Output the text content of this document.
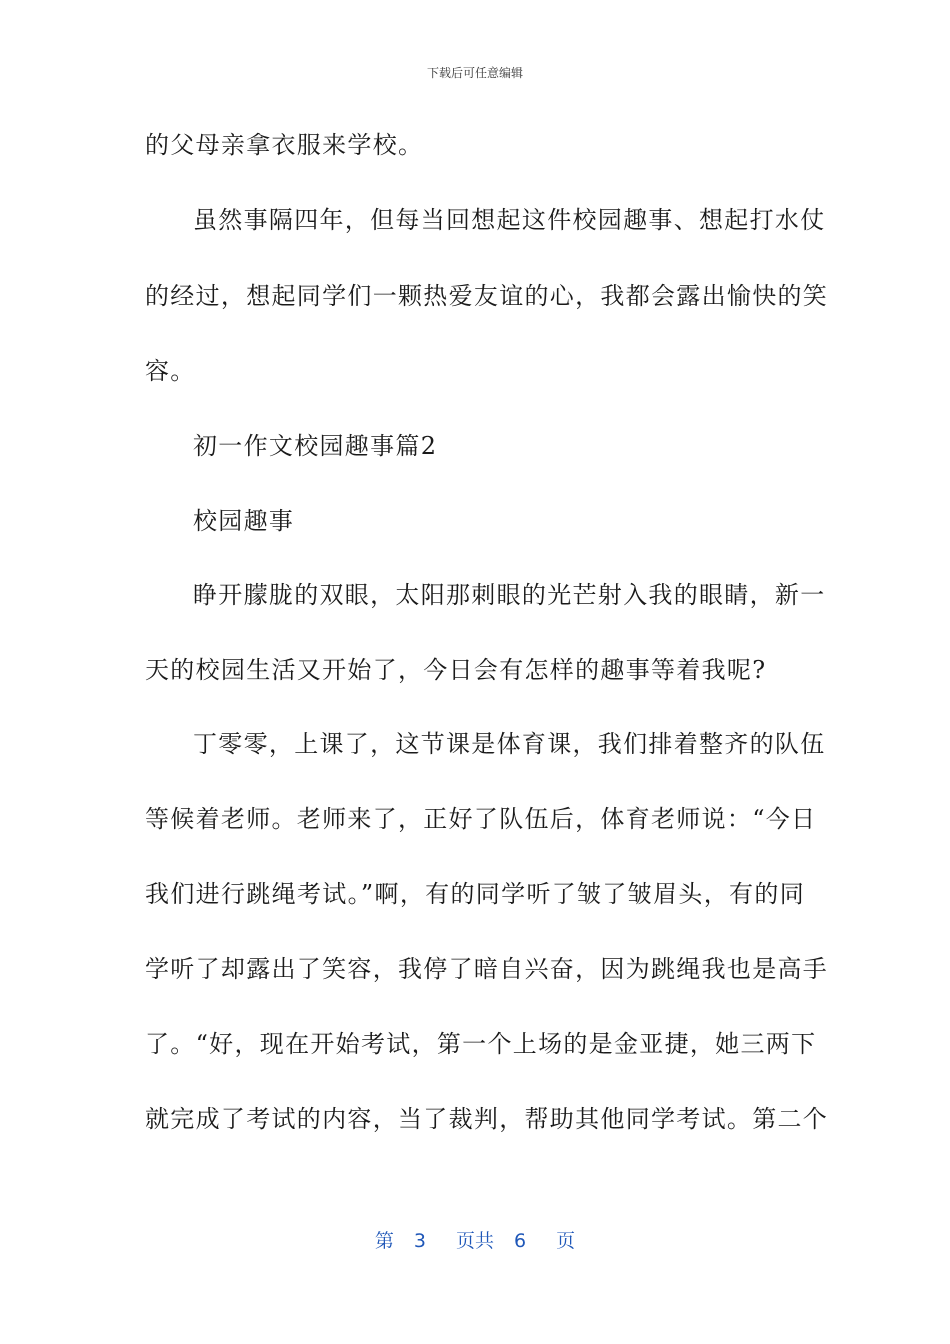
下载后可任意编辑
的父母亲拿衣服来学校。
虽然事隔四年，但每当回想起这件校园趣事、想起打水仗
的经过，想起同学们一颗热爱友谊的心，我都会露出愉快的笑
容。
初一作文校园趣事篇2
校园趣事
睁开朦胧的双眼，太阳那刺眼的光芒射入我的眼睛，新一
天的校园生活又开始了，今日会有怎样的趣事等着我呢?
丁零零，上课了，这节课是体育课，我们排着整齐的队伍
等候着老师。老师来了，正好了队伍后，体育老师说：“今日
我们进行跳绳考试。”啊，有的同学听了皱了皱眉头，有的同
学听了却露出了笑容，我停了暗自兴奋，因为跳绳我也是高手
了。“好，现在开始考试，第一个上场的是金亚捷，她三两下
就完成了考试的内容，当了裁判，帮助其他同学考试。第二个
第 3 页共 6 页
